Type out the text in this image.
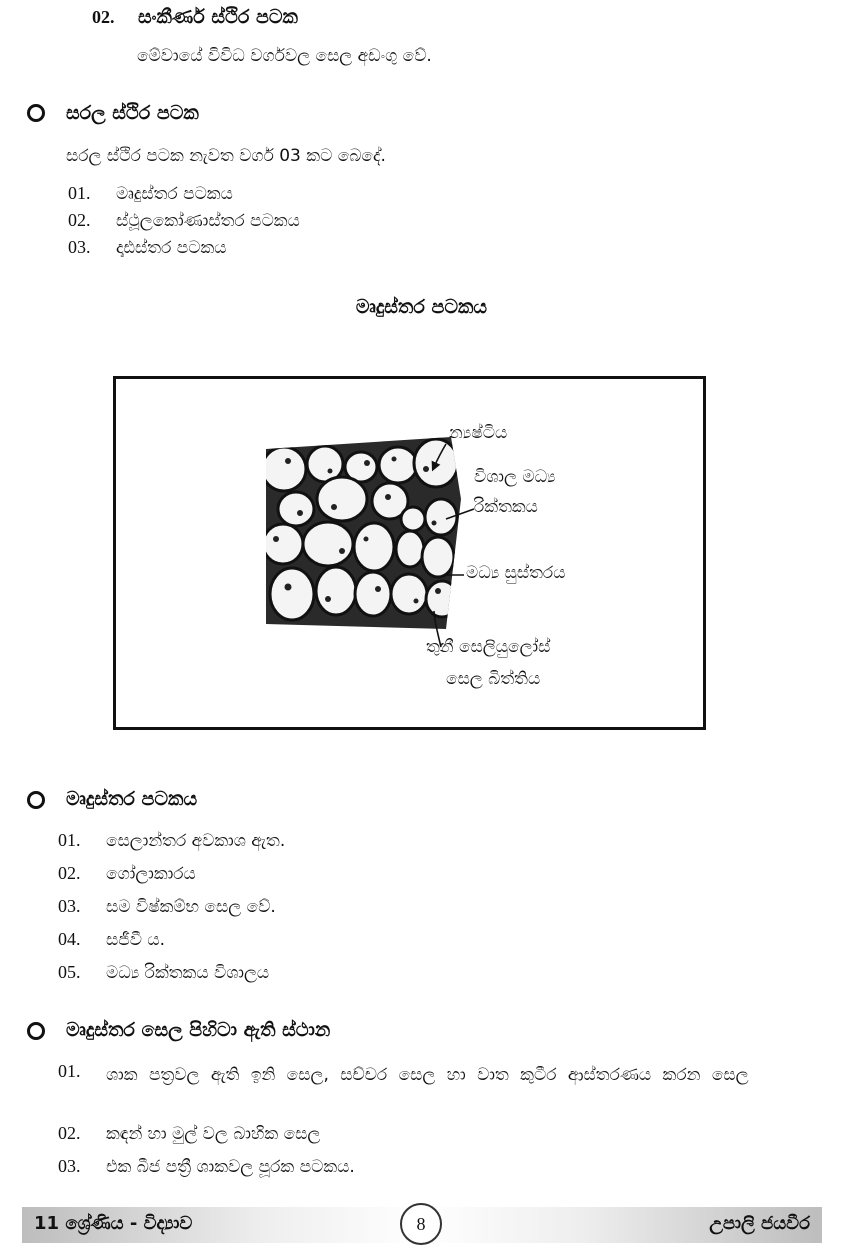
02.	සංකීර්ණ ස්ථිර පටක
මේවායේ විවිධ වර්ගවල සෙල අඩංගු වේ.
සරල ස්ථිර පටක
සරල ස්ථිර පටක නැවත වර්ග 03 කට බෙදේ.
01.	මෘදුස්තර පටකය
02.	ස්ථූලකෝණාස්තර පටකය
03.	දෘඪස්තර පටකය
මෘදුස්තර පටකය
න්‍යෂ්ටිය
විශාල මධ්‍ය
රික්තකය
මධ්‍ය සුස්තරය
තුනී සෙලියුලෝස්
සෙල බිත්තිය
මෘදුස්තර පටකය
01.	සෙලාන්තර අවකාශ ඇත.
02.	ගෝලාකාරය
03.	සම විෂ්කම්භ සෙල වේ.
04.	සජීවී ය.
05.	මධ්‍ය රික්තකය විශාලය
මෘදුස්තර සෙල පිහිටා ඇති ස්ථාන
01. ශාක පත්‍රවල ඇති ඉනි සෙල, සච්චර සෙල හා වාත කුටීර ආස්තරණය කරන සෙල
02.	කඳන් හා මුල් වල බාහික සෙල
03.	එක බීජ පත්‍රී ශාකවල පූරක පටකය.
11 ශ්‍රේණිය - විද්‍යාව	8	උපාලි ජයවීර
